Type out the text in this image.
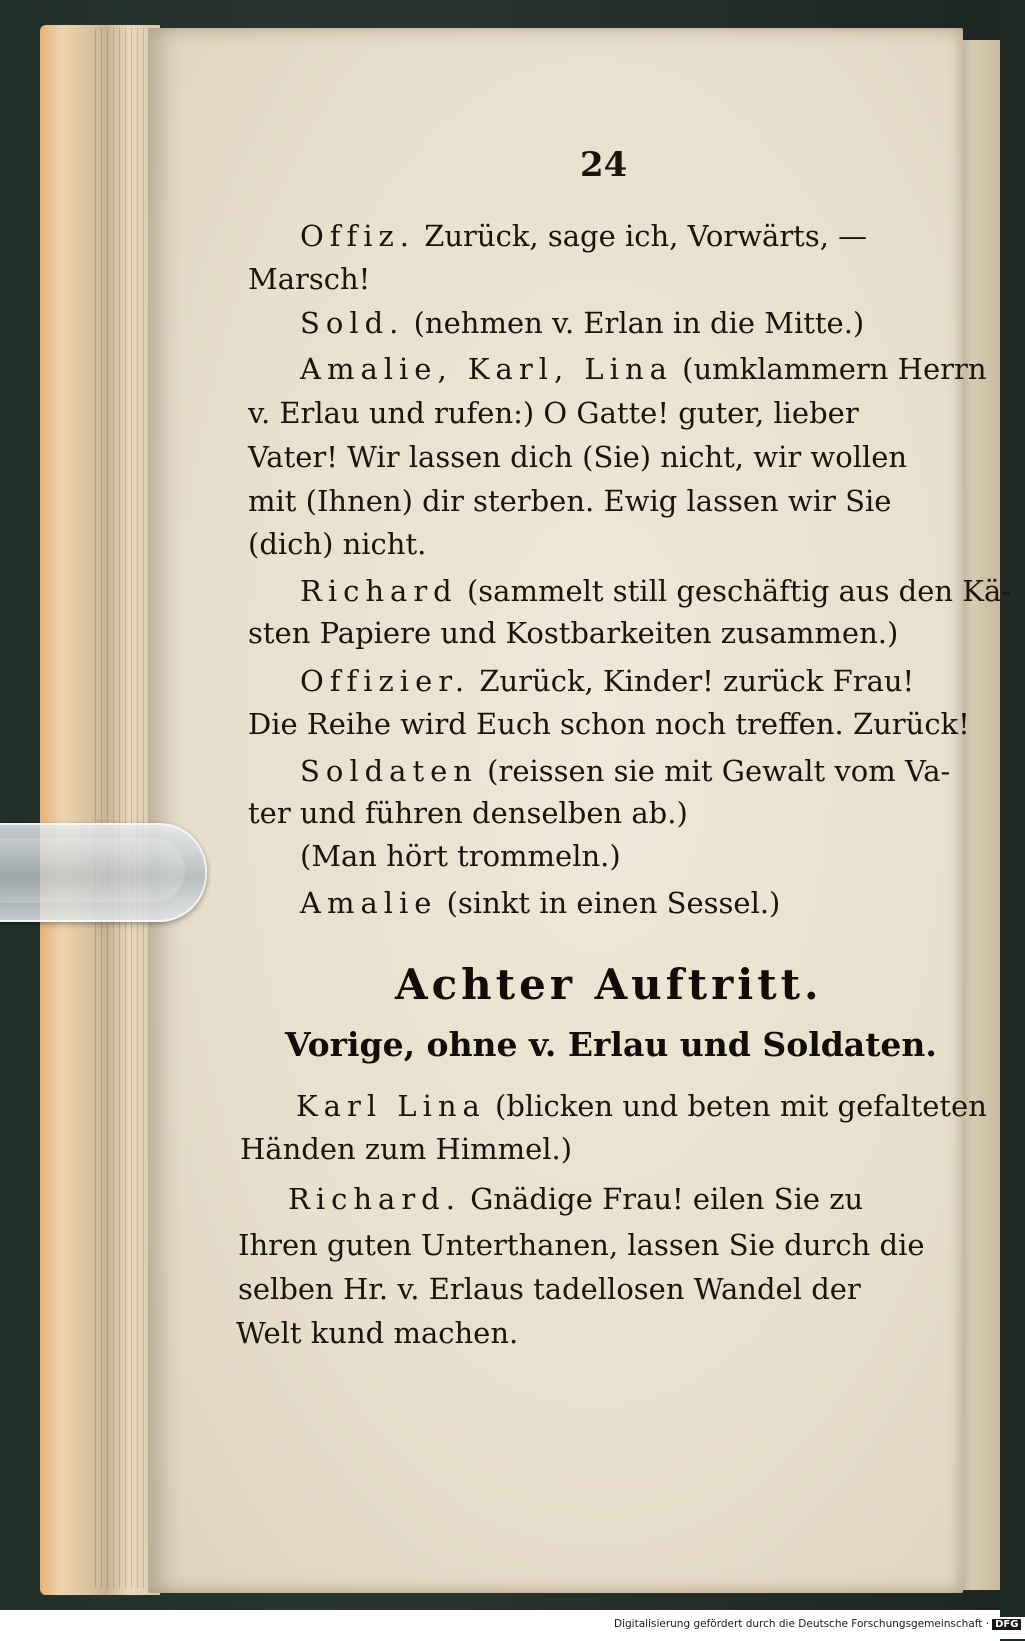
24
Offiz. Zurück, sage ich, Vorwärts, —
Marsch!
Sold. (nehmen v. Erlan in die Mitte.)
Amalie, Karl, Lina (umklammern Herrn
v. Erlau und rufen:) O Gatte! guter, lieber
Vater! Wir lassen dich (Sie) nicht, wir wollen
mit (Ihnen) dir sterben. Ewig lassen wir Sie
(dich) nicht.
Richard (sammelt still geschäftig aus den Kä-
sten Papiere und Kostbarkeiten zusammen.)
Offizier. Zurück, Kinder! zurück Frau!
Die Reihe wird Euch schon noch treffen. Zurück!
Soldaten (reissen sie mit Gewalt vom Va-
ter und führen denselben ab.)
(Man hört trommeln.)
Amalie (sinkt in einen Sessel.)
Karl Lina (blicken und beten mit gefalteten
Händen zum Himmel.)
Richard. Gnädige Frau! eilen Sie zu
Ihren guten Unterthanen, lassen Sie durch die
selben Hr. v. Erlaus tadellosen Wandel der
Welt kund machen.
Achter Auftritt.
Vorige, ohne v. Erlau und Soldaten.
Digitalisierung gefördert durch die Deutsche Forschungsgemeinschaft · DFG
